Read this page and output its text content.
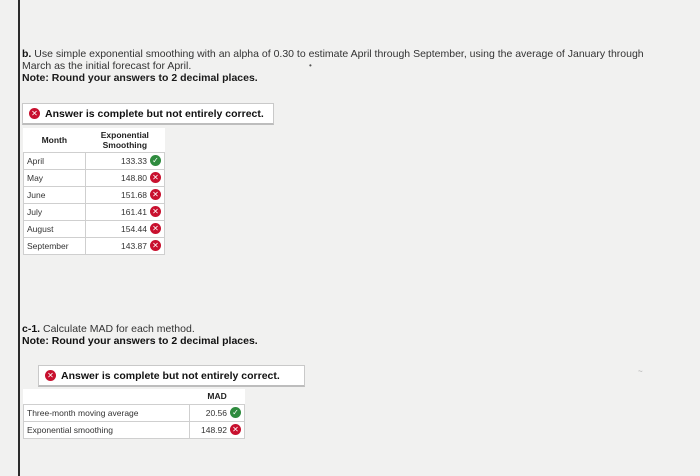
b. Use simple exponential smoothing with an alpha of 0.30 to estimate April through September, using the average of January through
March as the initial forecast for April.
Note: Round your answers to 2 decimal places.
•
✕ Answer is complete but not entirely correct.
Month	Exponential
Smoothing

April	133.33 ✓
May	148.80 ✕
June	151.68 ✕
July	161.41 ✕
August	154.44 ✕
September	143.87 ✕
c-1. Calculate MAD for each method.
Note: Round your answers to 2 decimal places.
✕ Answer is complete but not entirely correct.
	MAD
Three-month moving average	20.56 ✓
Exponential smoothing	148.92 ✕
~
